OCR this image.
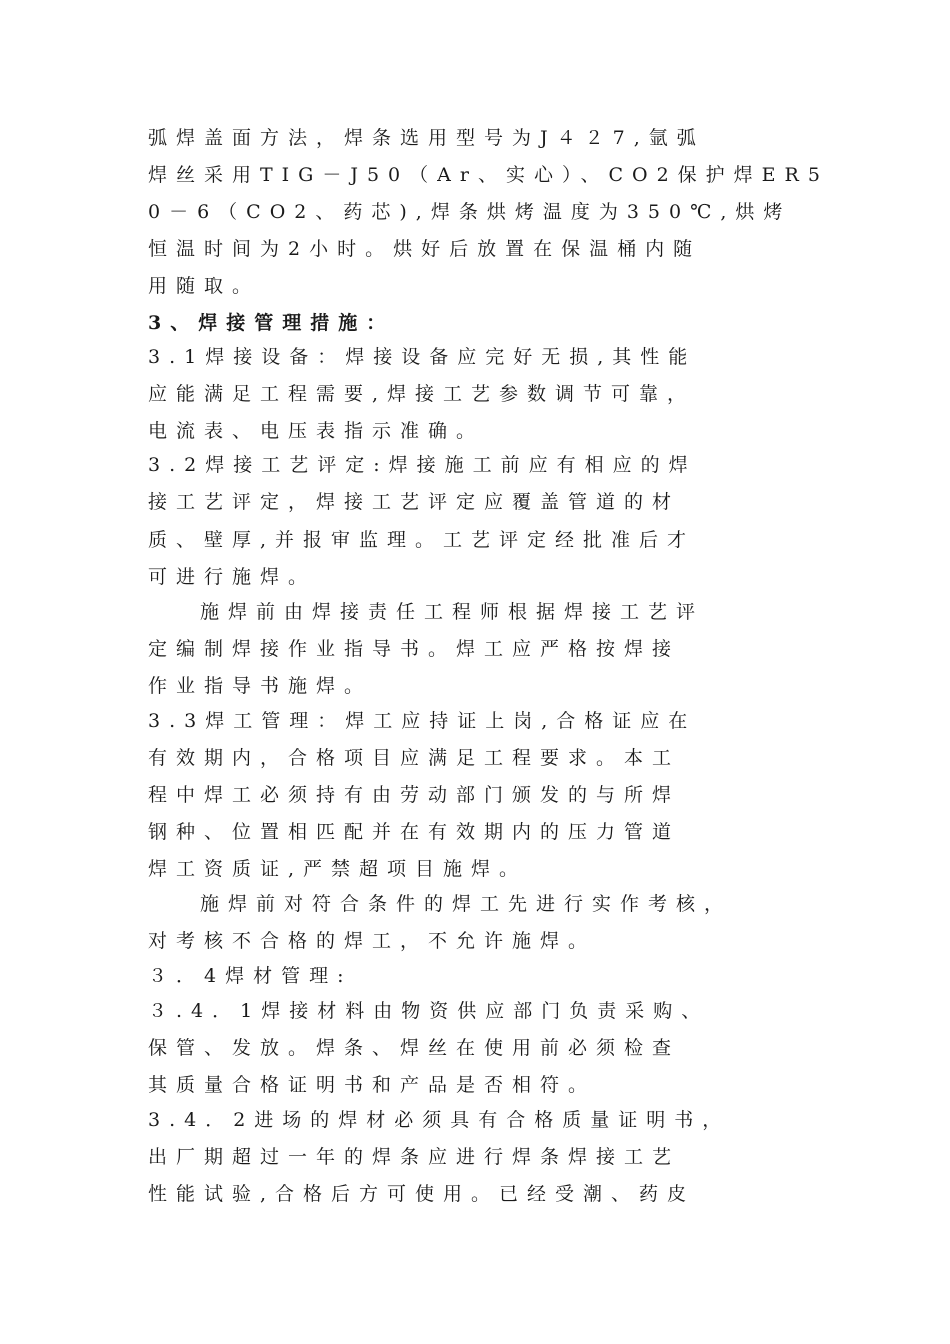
弧焊盖面方法，焊条选用型号为J４２7,氩弧
焊丝采用TIG－J50（Ar、实心）、CO2保护焊ER5
0－6（CO2、药芯),焊条烘烤温度为350℃,烘烤
恒温时间为2小时。烘好后放置在保温桶内随
用随取。
3、焊接管理措施：
3.1焊接设备：焊接设备应完好无损,其性能
应能满足工程需要,焊接工艺参数调节可靠，
电流表、电压表指示准确。
3.2焊接工艺评定:焊接施工前应有相应的焊
接工艺评定，焊接工艺评定应覆盖管道的材
质、壁厚,并报审监理。工艺评定经批准后才
可进行施焊。
施焊前由焊接责任工程师根据焊接工艺评
定编制焊接作业指导书。焊工应严格按焊接
作业指导书施焊。
3.3焊工管理：焊工应持证上岗,合格证应在
有效期内，合格项目应满足工程要求。本工
程中焊工必须持有由劳动部门颁发的与所焊
钢种、位置相匹配并在有效期内的压力管道
焊工资质证,严禁超项目施焊。
施焊前对符合条件的焊工先进行实作考核，
对考核不合格的焊工，不允许施焊。
３．4焊材管理:
３.4．1焊接材料由物资供应部门负责采购、
保管、发放。焊条、焊丝在使用前必须检查
其质量合格证明书和产品是否相符。
3.4．2进场的焊材必须具有合格质量证明书，
出厂期超过一年的焊条应进行焊条焊接工艺
性能试验,合格后方可使用。已经受潮、药皮
